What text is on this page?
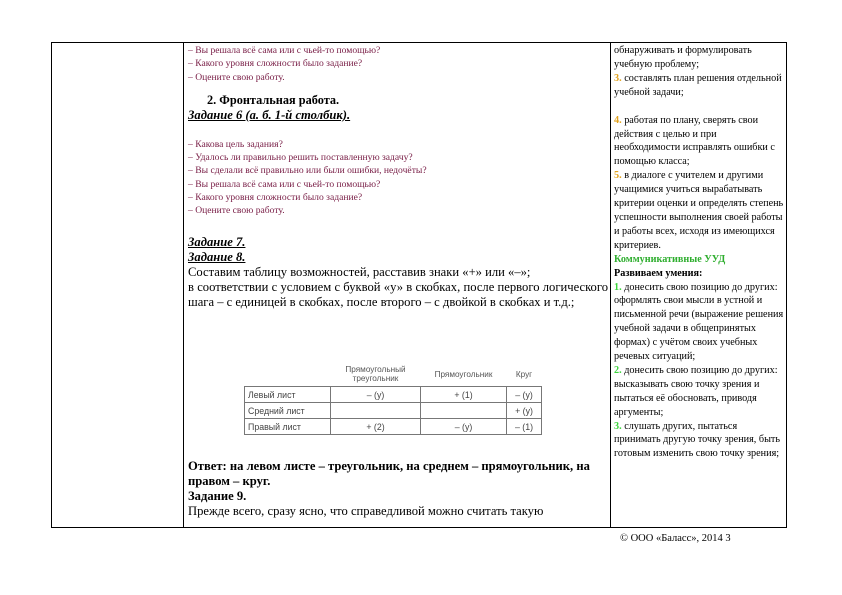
– Вы решала всё сама или с чьей-то помощью?

– Какого уровня сложности было задание?

– Оцените свою работу.

2. Фронтальная работа.

Задание 6 (а. б. 1-й столбик).

– Какова цель задания?

– Удалось ли правильно решить поставленную задачу?

– Вы сделали всё правильно или были ошибки, недочёты?

– Вы решала всё сама или с чьей-то помощью?

– Какого уровня сложности было задание?

– Оцените свою работу.

Задание 7.

Задание 8.

Составим таблицу возможностей, расставив знаки «+» или «–»;

в соответствии с условием с буквой «у» в скобках, после первого логического шага – с единицей в скобках, после второго – с двойкой в скобках и т.д.;

	Прямоугольный треугольник	Прямоугольник	Круг
Левый лист	– (у)	+ (1)	– (у)
Средний лист			+ (у)
Правый лист	+ (2)	– (у)	– (1)

Ответ: на левом листе – треугольник, на среднем – прямоугольник, на правом – круг.

Задание 9.

Прежде всего, сразу ясно, что справедливой можно считать такую

обнаруживать и формулировать учебную проблему;

3. составлять план решения отдельной учебной задачи;

4. работая по плану, сверять свои действия с целью и при необходимости исправлять ошибки с помощью класса;

5. в диалоге с учителем и другими учащимися учиться вырабатывать критерии оценки и определять степень успешности выполнения своей работы и работы всех, исходя из имеющихся критериев.

Коммуникативные УУД

Развиваем умения:

1. донесить свою позицию до других: оформлять свои мысли в устной и письменной речи (выражение решения учебной задачи в общепринятых формах) с учётом своих учебных речевых ситуаций;

2. донесить свою позицию до других: высказывать свою точку зрения и пытаться её обосновать, приводя аргументы;

3. слушать других, пытаться принимать другую точку зрения, быть готовым изменить свою точку зрения;

© ООО «Баласс», 2014 3
